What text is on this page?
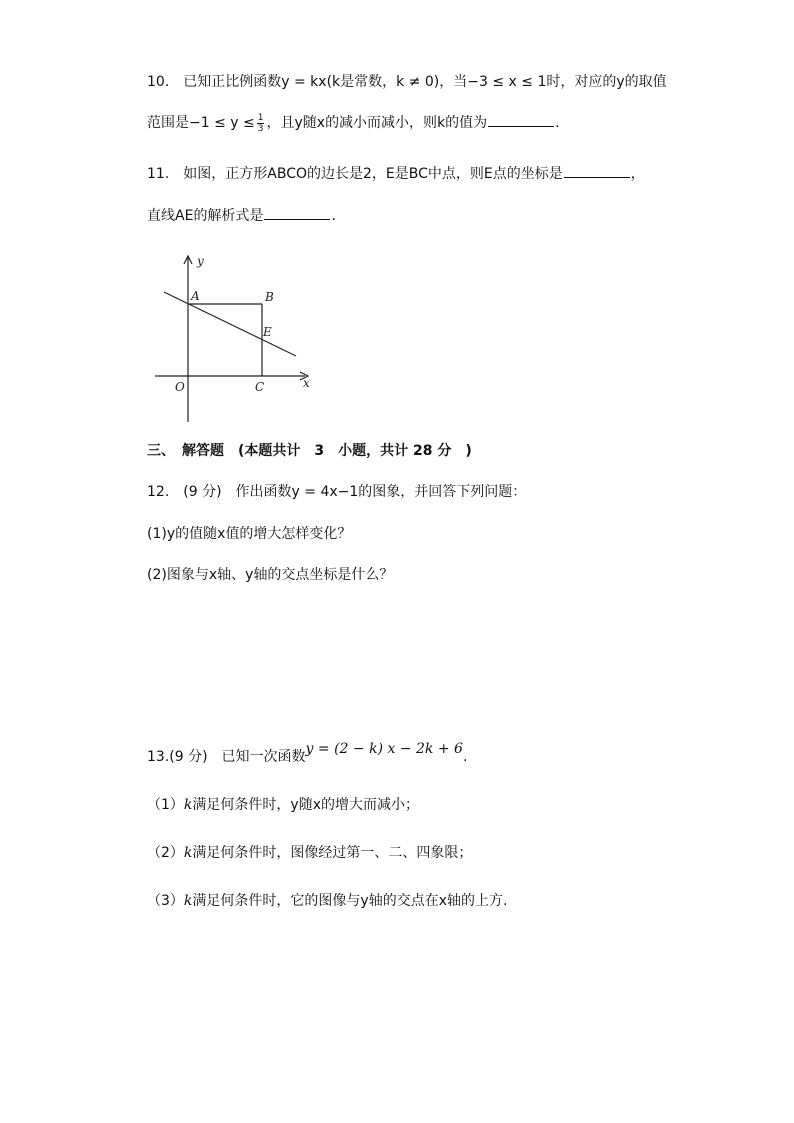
10.　已知正比例函数y = kx(k是常数，k ≠ 0)，当−3 ≤ x ≤ 1时，对应的y的取值
范围是$-1 \le y \le \frac{1}{3}$ ，且y随x的减小而减小，则k的值为	.
11.　如图，正方形ABCO的边长是2，E是BC中点，则E点的坐标是	，
直线AE的解析式是	.
y
x
O
A	B
C
E
三、　解答题　(本题共计　3　小题，共计 28 分　)
12.　(9 分)　作出函数y = 4x−1的图象，并回答下列问题：
(1)y的值随x值的增大怎样变化？
(2)图象与x轴、y轴的交点坐标是什么？
13.(9 分)　已知一次函数y = (2 − k) x − 2k + 6.
（1）k满足何条件时，y随x的增大而减小；
（2）k满足何条件时，图像经过第一、二、四象限；
（3）k满足何条件时，它的图像与y轴的交点在x轴的上方.
